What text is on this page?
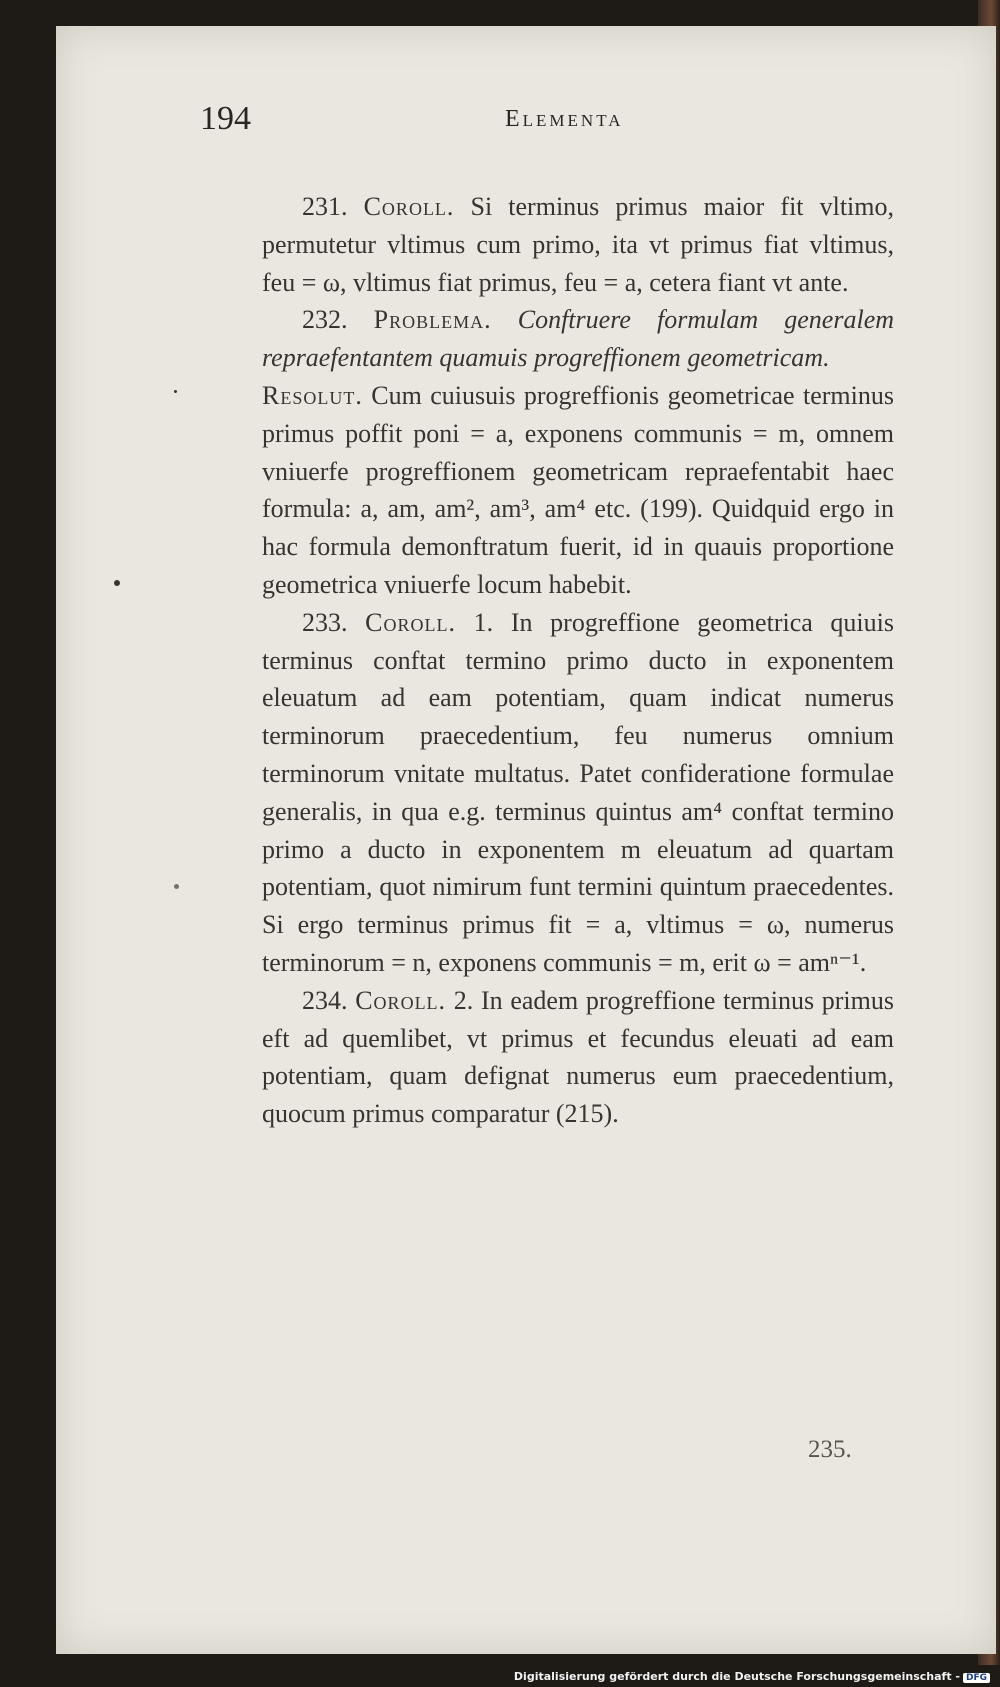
194	Elementa

231. Coroll. Si terminus primus maior fit vltimo, permutetur vltimus cum primo, ita vt primus fiat vltimus, feu = ω, vltimus fiat primus, feu = a, cetera fiant vt ante.

232. Problema. Conftruere formulam generalem repraefentantem quamuis progreffionem geometricam.

Resolut. Cum cuiusuis progreffionis geometricae terminus primus poffit poni = a, exponens communis = m, omnem vniuerfe progreffionem geometricam repraefentabit haec formula: a, am, am², am³, am⁴ etc. (199). Quidquid ergo in hac formula demonftratum fuerit, id in quauis proportione geometrica vniuerfe locum habebit.

233. Coroll. 1. In progreffione geometrica quiuis terminus conftat termino primo ducto in exponentem eleuatum ad eam potentiam, quam indicat numerus terminorum praecedentium, feu numerus omnium terminorum vnitate multatus. Patet confideratione formulae generalis, in qua e.g. terminus quintus am⁴ conftat termino primo a ducto in exponentem m eleuatum ad quartam potentiam, quot nimirum funt termini quintum praecedentes. Si ergo terminus primus fit = a, vltimus = ω, numerus terminorum = n, exponens communis = m, erit ω = amⁿ⁻¹.

234. Coroll. 2. In eadem progreffione terminus primus eft ad quemlibet, vt primus et fecundus eleuati ad eam potentiam, quam defignat numerus eum praecedentium, quocum primus comparatur (215).

235.
Digitalisierung gefördert durch die Deutsche Forschungsgemeinschaft - DFG
